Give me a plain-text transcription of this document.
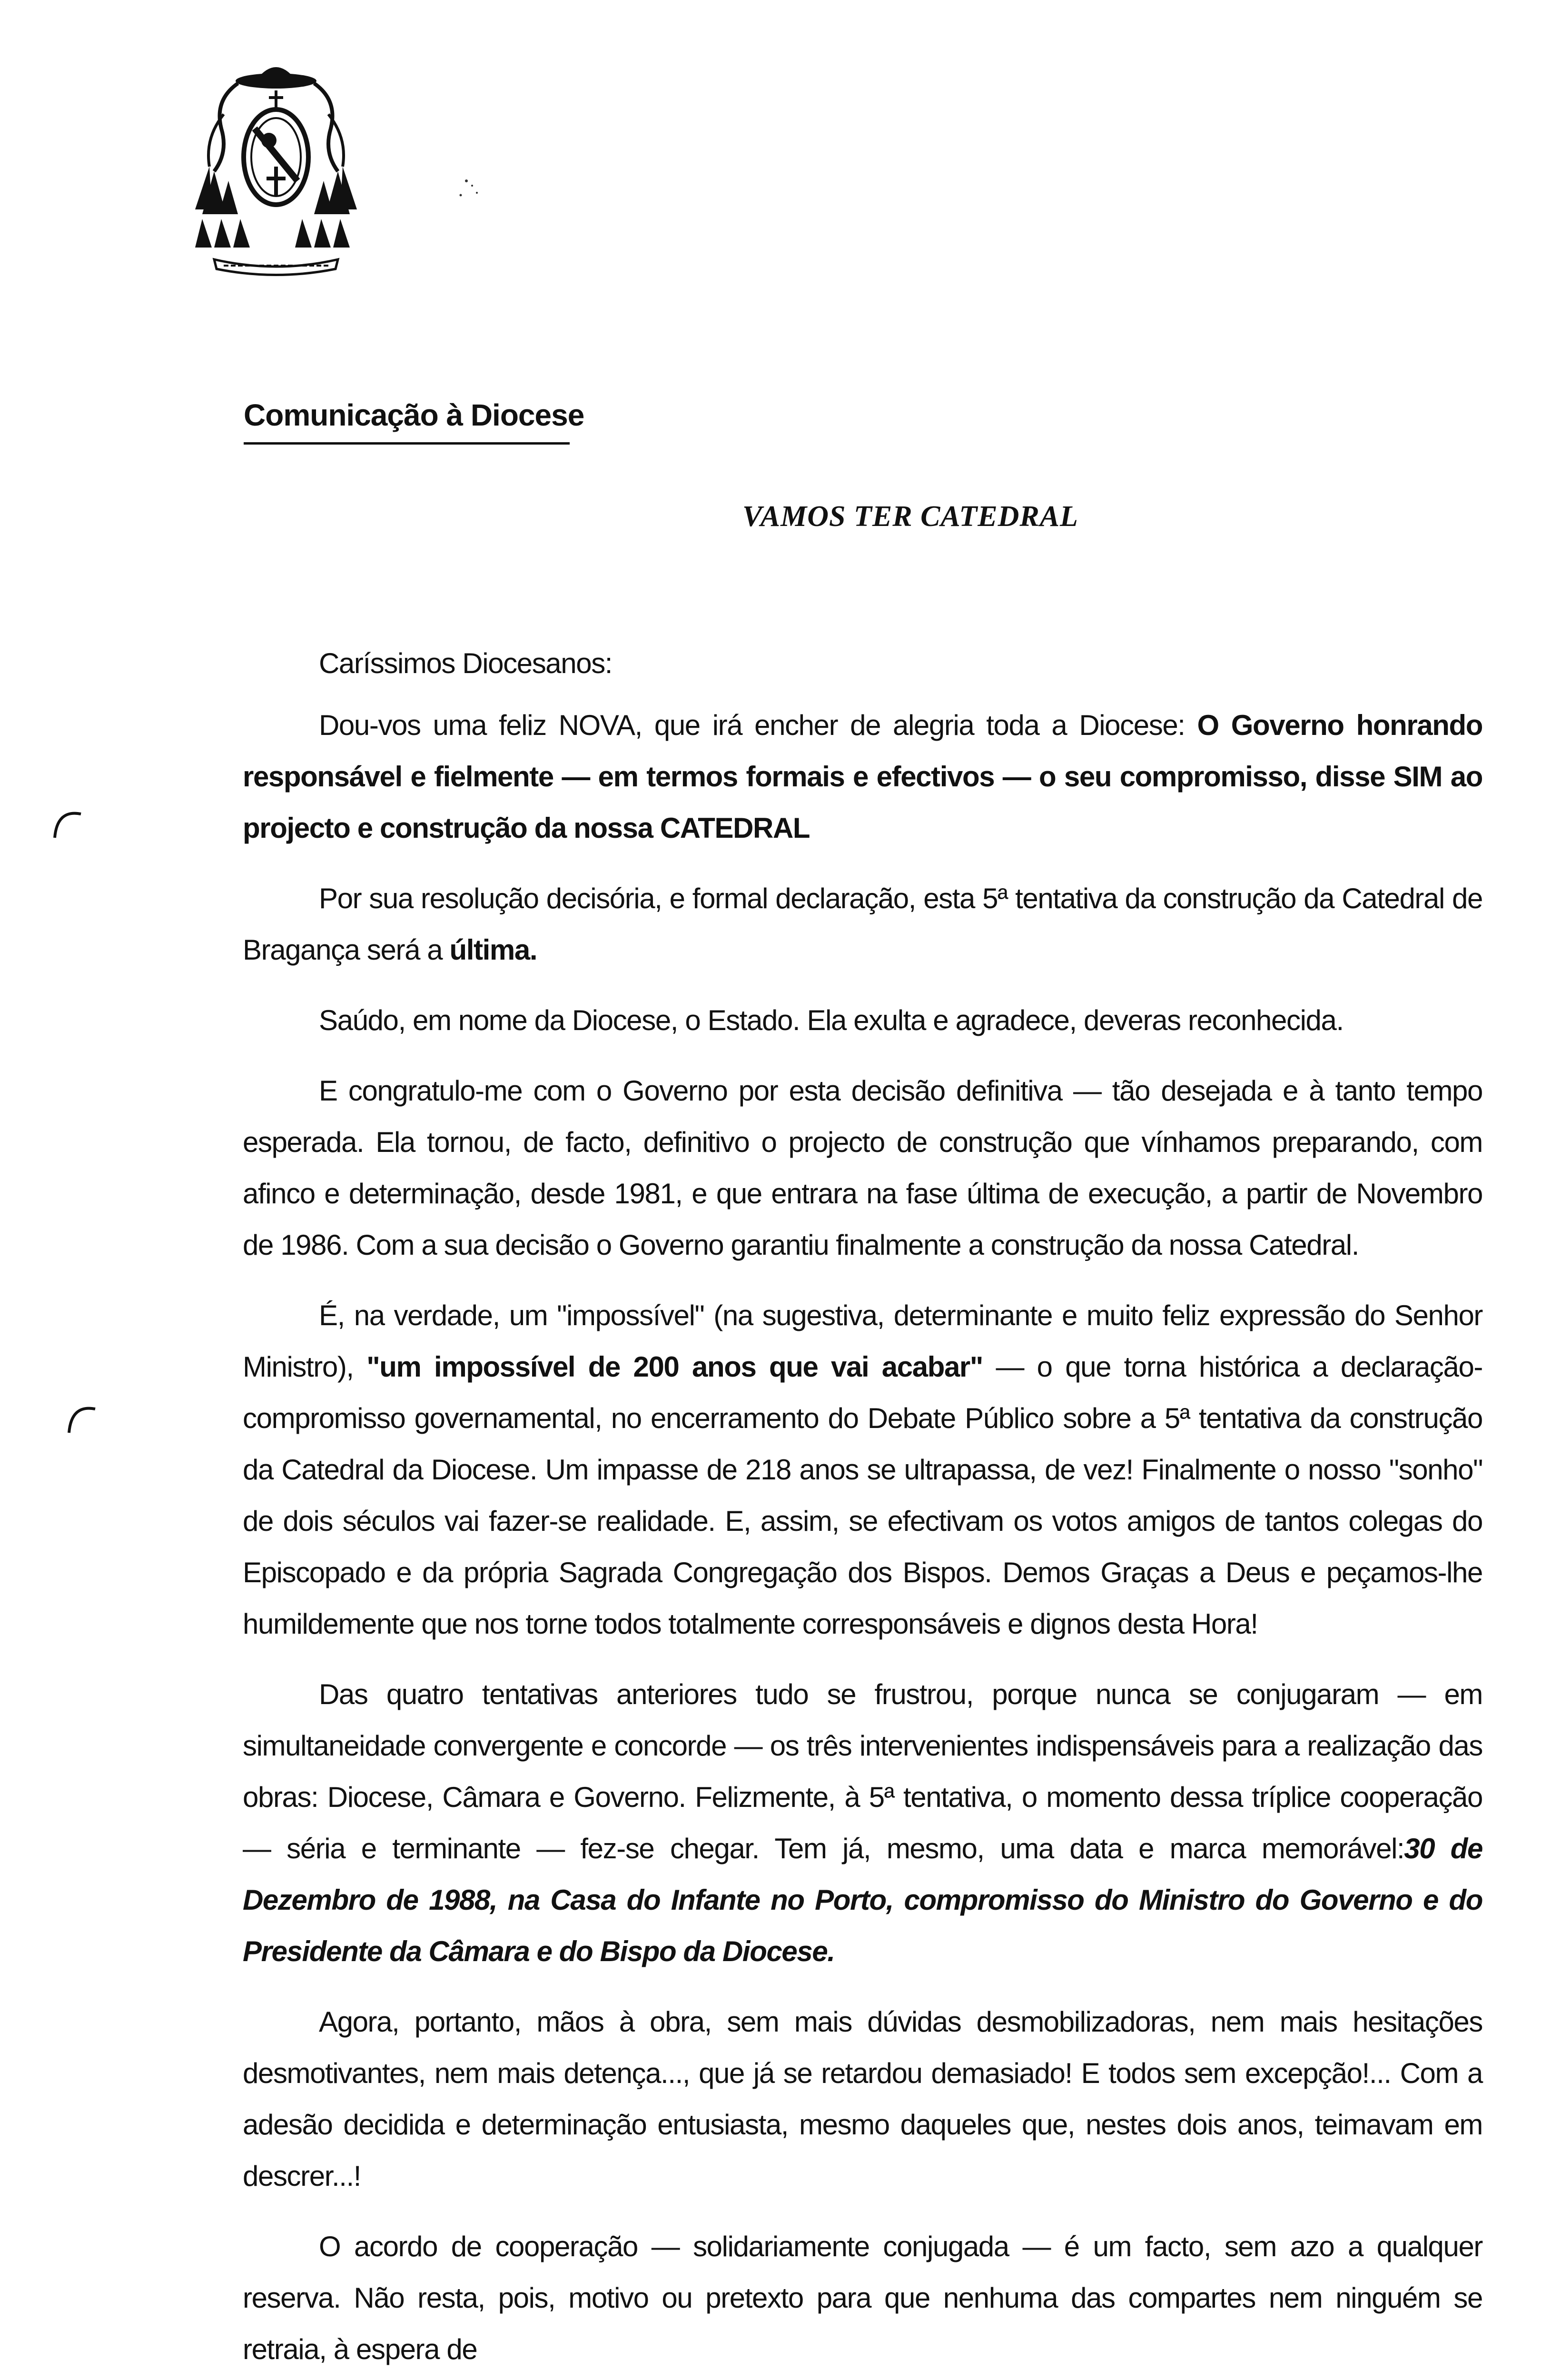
Comunicação à Diocese
VAMOS TER CATEDRAL

Caríssimos Diocesanos:

Dou-vos uma feliz NOVA, que irá encher de alegria toda a Diocese: O Governo honrando responsável e fielmente — em termos formais e efectivos — o seu compromisso, disse SIM ao projecto e construção da nossa CATEDRAL

Por sua resolução decisória, e formal declaração, esta 5ª tentativa da construção da Catedral de Bragança será a última.

Saúdo, em nome da Diocese, o Estado. Ela exulta e agradece, deveras reconhecida.

E congratulo-me com o Governo por esta decisão definitiva — tão desejada e à tanto tempo esperada. Ela tornou, de facto, definitivo o projecto de construção que vínhamos preparando, com afinco e determinação, desde 1981, e que entrara na fase última de execução, a partir de Novembro de 1986. Com a sua decisão o Governo garantiu finalmente a construção da nossa Catedral.

É, na verdade, um "impossível" (na sugestiva, determinante e muito feliz expressão do Senhor Ministro), "um impossível de 200 anos que vai acabar" — o que torna histórica a declaração-compromisso governamental, no encerramento do Debate Público sobre a 5ª tentativa da construção da Catedral da Diocese. Um impasse de 218 anos se ultrapassa, de vez! Finalmente o nosso "sonho" de dois séculos vai fazer-se realidade. E, assim, se efectivam os votos amigos de tantos colegas do Episcopado e da própria Sagrada Congregação dos Bispos. Demos Graças a Deus e peçamos-lhe humildemente que nos torne todos totalmente corresponsáveis e dignos desta Hora!

Das quatro tentativas anteriores tudo se frustrou, porque nunca se conjugaram — em simultaneidade convergente e concorde — os três intervenientes indispensáveis para a realização das obras: Diocese, Câmara e Governo. Felizmente, à 5ª tentativa, o momento dessa tríplice cooperação — séria e terminante — fez-se chegar. Tem já, mesmo, uma data e marca memorável:30 de Dezembro de 1988, na Casa do Infante no Porto, compromisso do Ministro do Governo e do Presidente da Câmara e do Bispo da Diocese.

Agora, portanto, mãos à obra, sem mais dúvidas desmobilizadoras, nem mais hesitações desmotivantes, nem mais detença..., que já se retardou demasiado! E todos sem excepção!... Com a adesão decidida e determinação entusiasta, mesmo daqueles que, nestes dois anos, teimavam em descrer...!

O acordo de cooperação — solidariamente conjugada — é um facto, sem azo a qualquer reserva. Não resta, pois, motivo ou pretexto para que nenhuma das compartes nem ninguém se retraia, à espera de
